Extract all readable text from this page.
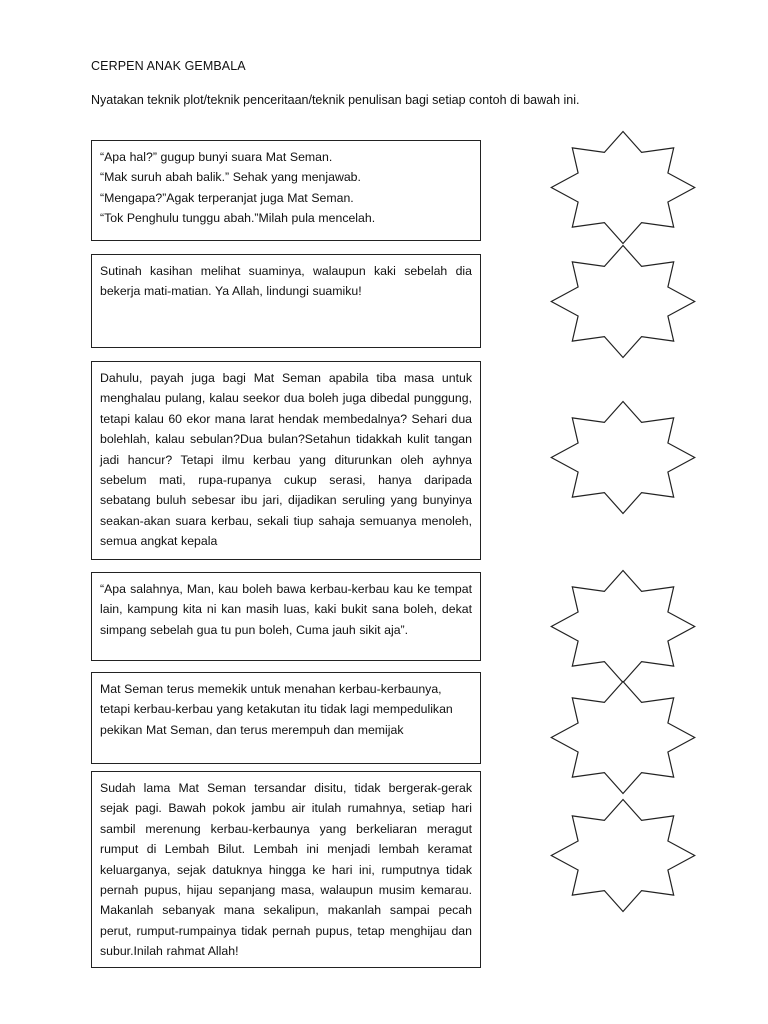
CERPEN ANAK GEMBALA
Nyatakan teknik plot/teknik penceritaan/teknik penulisan bagi setiap contoh di bawah ini.

“Apa hal?” gugup bunyi suara Mat Seman.

“Mak suruh abah balik.” Sehak yang menjawab.

“Mengapa?”Agak terperanjat juga Mat Seman.

“Tok Penghulu tunggu abah.”Milah pula mencelah.

Sutinah kasihan melihat suaminya, walaupun kaki sebelah dia bekerja mati-matian. Ya Allah, lindungi suamiku!

Dahulu, payah juga bagi Mat Seman apabila tiba masa untuk menghalau pulang, kalau seekor dua boleh juga dibedal punggung, tetapi kalau 60 ekor mana larat hendak membedalnya? Sehari dua bolehlah, kalau sebulan?Dua bulan?Setahun tidakkah kulit tangan jadi hancur? Tetapi ilmu kerbau yang diturunkan oleh ayhnya sebelum mati, rupa-rupanya cukup serasi, hanya daripada sebatang buluh sebesar ibu jari, dijadikan seruling yang bunyinya seakan-akan suara kerbau, sekali tiup sahaja semuanya menoleh, semua angkat kepala

“Apa salahnya, Man, kau boleh bawa kerbau-kerbau kau ke tempat lain, kampung kita ni kan masih luas, kaki bukit sana boleh, dekat simpang sebelah gua tu pun boleh, Cuma jauh sikit aja”.

Mat Seman terus memekik untuk menahan kerbau-kerbaunya,

tetapi kerbau-kerbau yang ketakutan itu tidak lagi mempedulikan

pekikan Mat Seman, dan terus merempuh dan memijak

Sudah lama Mat Seman tersandar disitu, tidak bergerak-gerak sejak pagi. Bawah pokok jambu air itulah rumahnya, setiap hari sambil merenung kerbau-kerbaunya yang berkeliaran meragut rumput di Lembah Bilut. Lembah ini menjadi lembah keramat keluarganya, sejak datuknya hingga ke hari ini, rumputnya tidak pernah pupus, hijau sepanjang masa, walaupun musim kemarau. Makanlah sebanyak mana sekalipun, makanlah sampai pecah perut, rumput-rumpainya tidak pernah pupus, tetap menghijau dan subur.Inilah rahmat Allah!
